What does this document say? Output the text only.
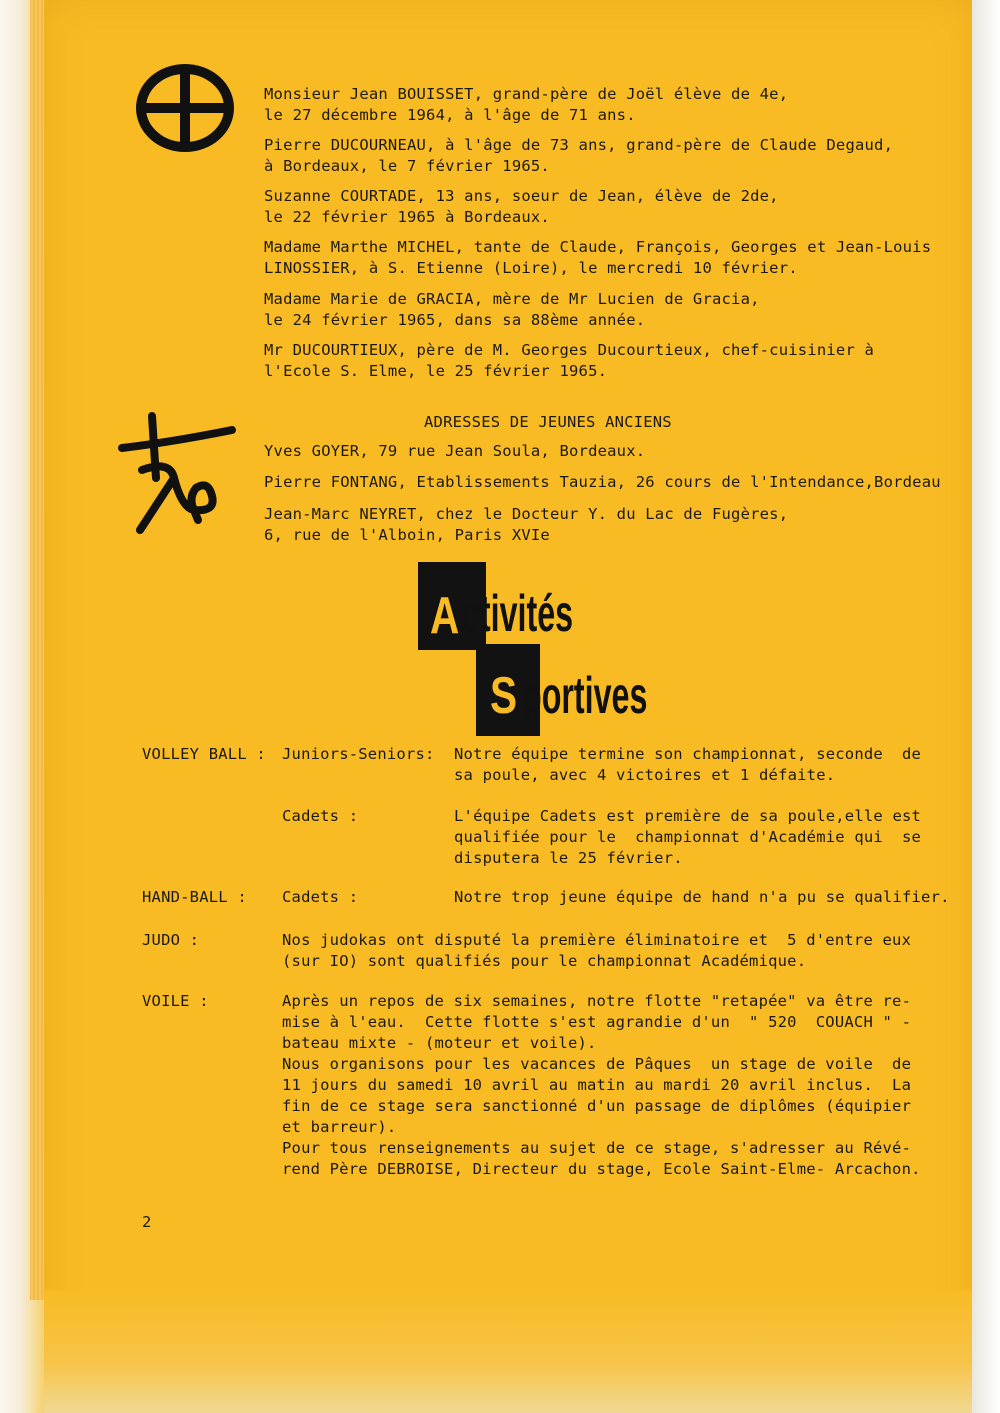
Monsieur Jean BOUISSET, grand-père de Joël élève de 4e,
le 27 décembre 1964, à l'âge de 71 ans.
Pierre DUCOURNEAU, à l'âge de 73 ans, grand-père de Claude Degaud,
à Bordeaux, le 7 février 1965.
Suzanne COURTADE, 13 ans, soeur de Jean, élève de 2de,
le 22 février 1965 à Bordeaux.
Madame Marthe MICHEL, tante de Claude, François, Georges et Jean-Louis
LINOSSIER, à S. Etienne (Loire), le mercredi 10 février.
Madame Marie de GRACIA, mère de Mr Lucien de Gracia,
le 24 février 1965, dans sa 88ème année.
Mr DUCOURTIEUX, père de M. Georges Ducourtieux, chef-cuisinier à
l'Ecole S. Elme, le 25 février 1965.
ADRESSES DE JEUNES ANCIENS
Yves GOYER, 79 rue Jean Soula, Bordeaux.
Pierre FONTANG, Etablissements Tauzia, 26 cours de l'Intendance,Bordeau
Jean-Marc NEYRET, chez le Docteur Y. du Lac de Fugères,
6, rue de l'Alboin, Paris XVIe
A ctivités
S portives
VOLLEY BALL : Juniors-Seniors: Notre équipe termine son championnat, seconde  de
sa poule, avec 4 victoires et 1 défaite.
Cadets :	L'équipe Cadets est première de sa poule,elle est
qualifiée pour le  championnat d'Académie qui  se
disputera le 25 février.
HAND-BALL : Cadets :	Notre trop jeune équipe de hand n'a pu se qualifier.
JUDO :	Nos judokas ont disputé la première éliminatoire et  5 d'entre eux
(sur IO) sont qualifiés pour le championnat Académique.
VOILE :	Après un repos de six semaines, notre flotte "retapée" va être re-
mise à l'eau.  Cette flotte s'est agrandie d'un  " 520  COUACH " -
bateau mixte - (moteur et voile).
Nous organisons pour les vacances de Pâques  un stage de voile  de
11 jours du samedi 10 avril au matin au mardi 20 avril inclus.  La
fin de ce stage sera sanctionné d'un passage de diplômes (équipier
et barreur).
Pour tous renseignements au sujet de ce stage, s'adresser au Révé-
rend Père DEBROISE, Directeur du stage, Ecole Saint-Elme- Arcachon.
2
